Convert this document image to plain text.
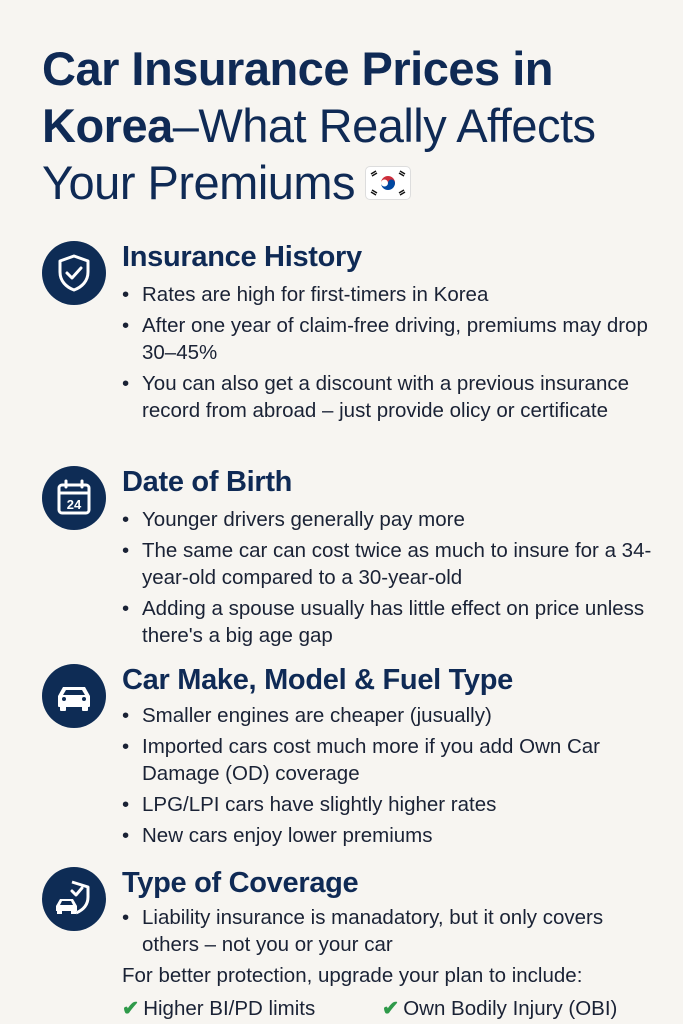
Car Insurance Prices in Korea–What Really Affects Your Premiums
Insurance History
• Rates are high for first-timers in Korea
• After one year of claim-free driving, premiums may drop 30–45%
• You can also get a discount with a previous insurance record from abroad – just provide olicy or certificate
24
Date of Birth
• Younger drivers generally pay more
• The same car can cost twice as much to insure for a 34-year-old compared to a 30-year-old
• Adding a spouse usually has little effect on price unless there's a big age gap
Car Make, Model & Fuel Type
• Smaller engines are cheaper (jusually)
• Imported cars cost much more if you add Own Car Damage (OD) coverage
• LPG/LPI cars have slightly higher rates
• New cars enjoy lower premiums
Type of Coverage
• Liability insurance is manadatory, but it only covers others – not you or your car
For better protection, upgrade your plan to include:
✔ Higher BI/PD limits	✔ Own Bodily Injury (OBI)
